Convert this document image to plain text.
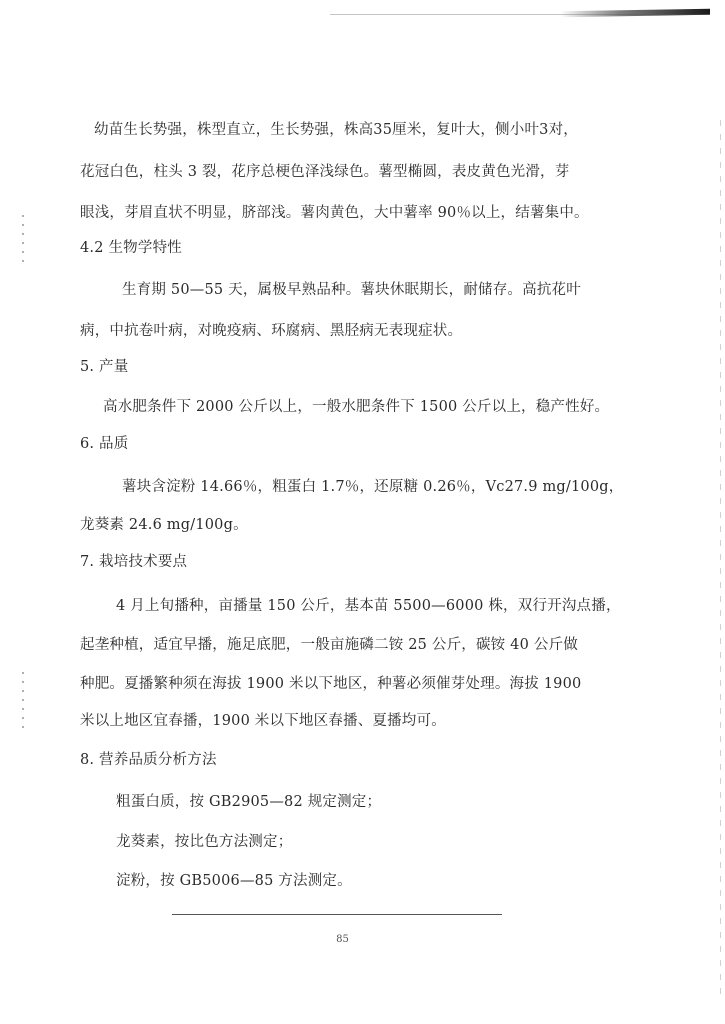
幼苗生长势强，株型直立，生长势强，株高35厘米，复叶大，侧小叶3对，
花冠白色，柱头 3 裂，花序总梗色泽浅绿色。薯型椭圆，表皮黄色光滑，芽
眼浅，芽眉直状不明显，脐部浅。薯肉黄色，大中薯率 90％以上，结薯集中。
4.2 生物学特性
生育期 50—55 天，属极早熟品种。薯块休眠期长，耐储存。高抗花叶
病，中抗卷叶病，对晚疫病、环腐病、黑胫病无表现症状。
5. 产量
高水肥条件下 2000 公斤以上，一般水肥条件下 1500 公斤以上，稳产性好。
6. 品质
薯块含淀粉 14.66％，粗蛋白 1.7％，还原糖 0.26％，Vc27.9 mg/100g，
龙葵素 24.6 mg/100g。
7. 栽培技术要点
4 月上旬播种，亩播量 150 公斤，基本苗 5500—6000 株，双行开沟点播，
起垄种植，适宜早播，施足底肥，一般亩施磷二铵 25 公斤，碳铵 40 公斤做
种肥。夏播繁种须在海拔 1900 米以下地区，种薯必须催芽处理。海拔 1900
米以上地区宜春播，1900 米以下地区春播、夏播均可。
8. 营养品质分析方法
粗蛋白质，按 GB2905—82 规定测定；
龙葵素，按比色方法测定；
淀粉，按 GB5006—85 方法测定。
85
